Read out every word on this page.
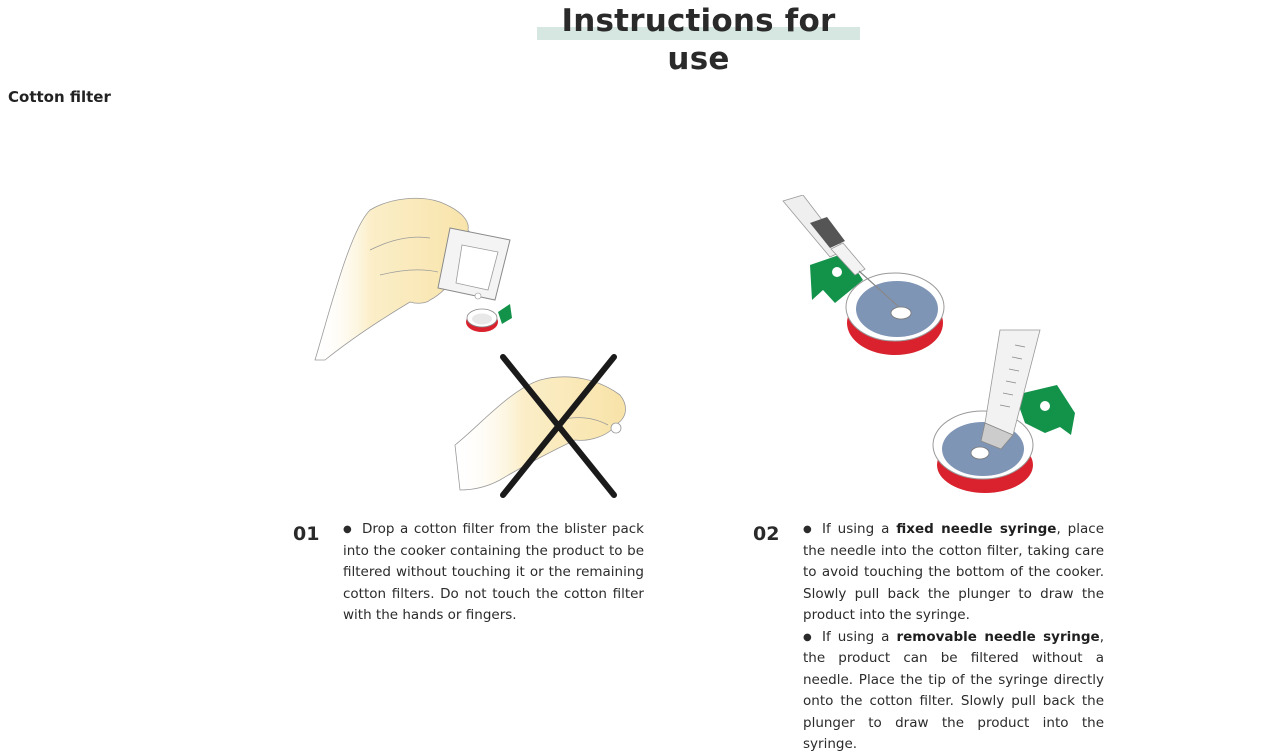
Instructions for use
Cotton filter
01 ● Drop a cotton filter from the blister pack into the cooker containing the product to be filtered without touching it or the remaining cotton filters. Do not touch the cotton filter with the hands or fingers.

02 ● If using a fixed needle syringe, place the needle into the cotton filter, taking care to avoid touching the bottom of the cooker. Slowly pull back the plunger to draw the product into the syringe.

● If using a removable needle syringe, the product can be filtered without a needle. Place the tip of the syringe directly onto the cotton filter. Slowly pull back the plunger to draw the product into the syringe.
